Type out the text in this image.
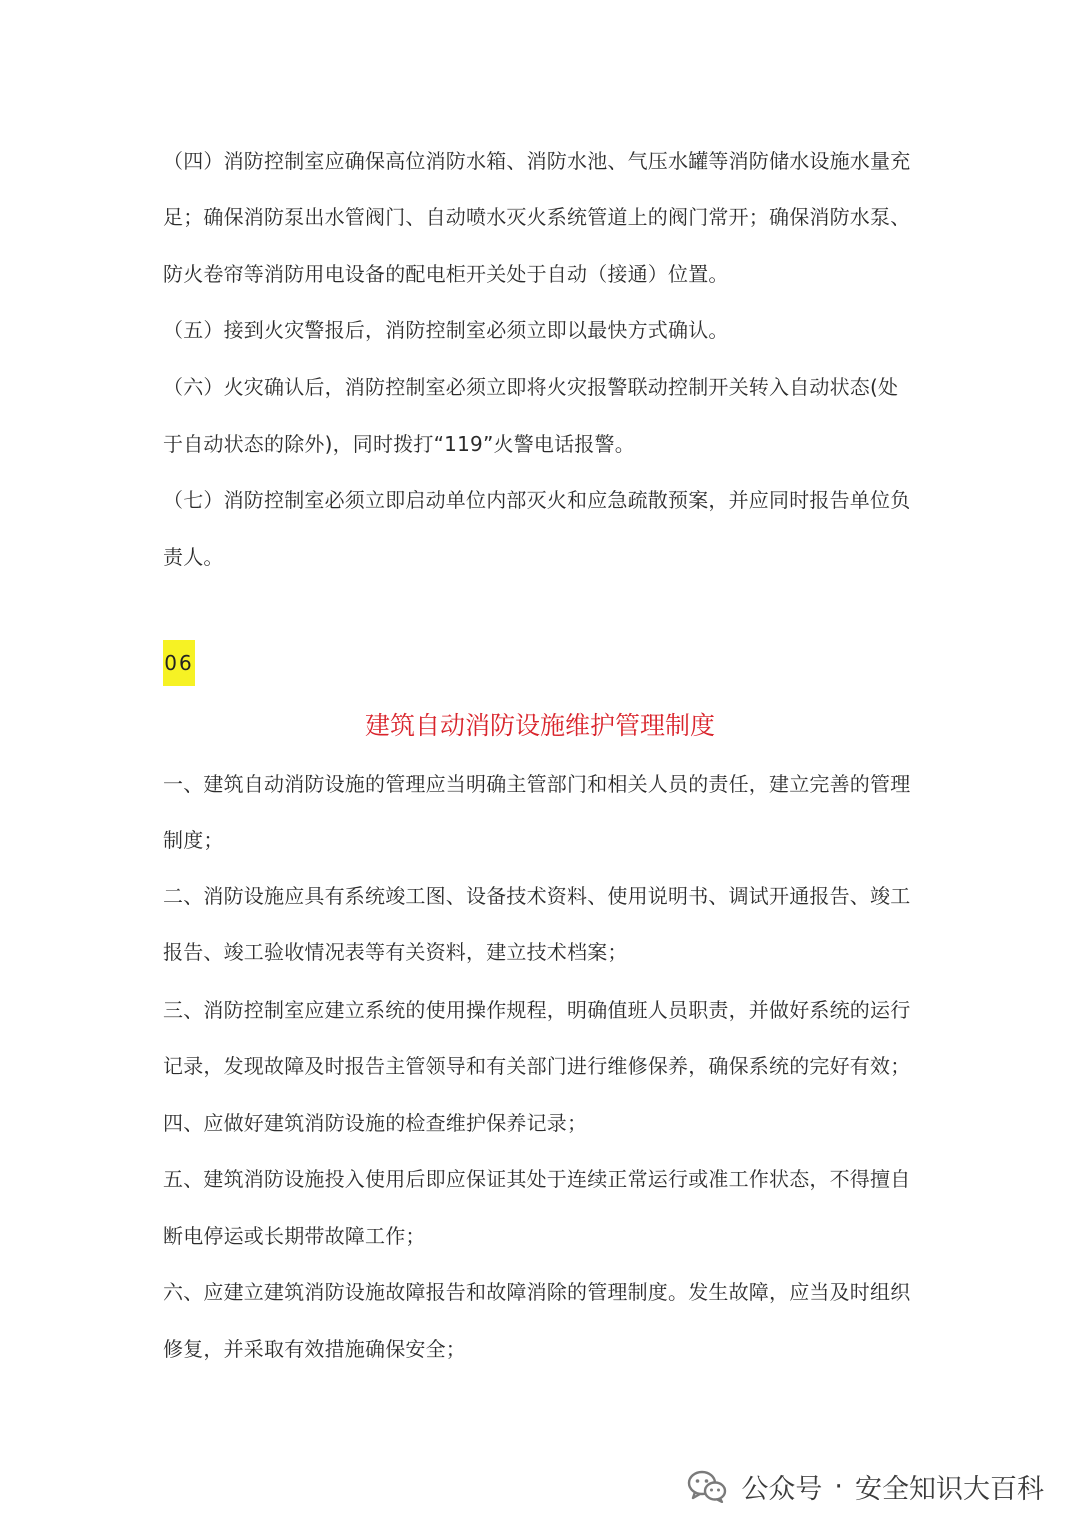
（四）消防控制室应确保高位消防水箱、消防水池、气压水罐等消防储水设施水量充
足；确保消防泵出水管阀门、自动喷水灭火系统管道上的阀门常开；确保消防水泵、
防火卷帘等消防用电设备的配电柜开关处于自动（接通）位置。
（五）接到火灾警报后，消防控制室必须立即以最快方式确认。
（六）火灾确认后，消防控制室必须立即将火灾报警联动控制开关转入自动状态(处
于自动状态的除外)，同时拨打“119”火警电话报警。
（七）消防控制室必须立即启动单位内部灭火和应急疏散预案，并应同时报告单位负
责人。
06
建筑自动消防设施维护管理制度
一、建筑自动消防设施的管理应当明确主管部门和相关人员的责任，建立完善的管理
制度；
二、消防设施应具有系统竣工图、设备技术资料、使用说明书、调试开通报告、竣工
报告、竣工验收情况表等有关资料，建立技术档案；
三、消防控制室应建立系统的使用操作规程，明确值班人员职责，并做好系统的运行
记录，发现故障及时报告主管领导和有关部门进行维修保养，确保系统的完好有效；
四、应做好建筑消防设施的检查维护保养记录；
五、建筑消防设施投入使用后即应保证其处于连续正常运行或准工作状态，不得擅自
断电停运或长期带故障工作；
六、应建立建筑消防设施故障报告和故障消除的管理制度。发生故障，应当及时组织
修复，并采取有效措施确保安全；
公众号 · 安全知识大百科
